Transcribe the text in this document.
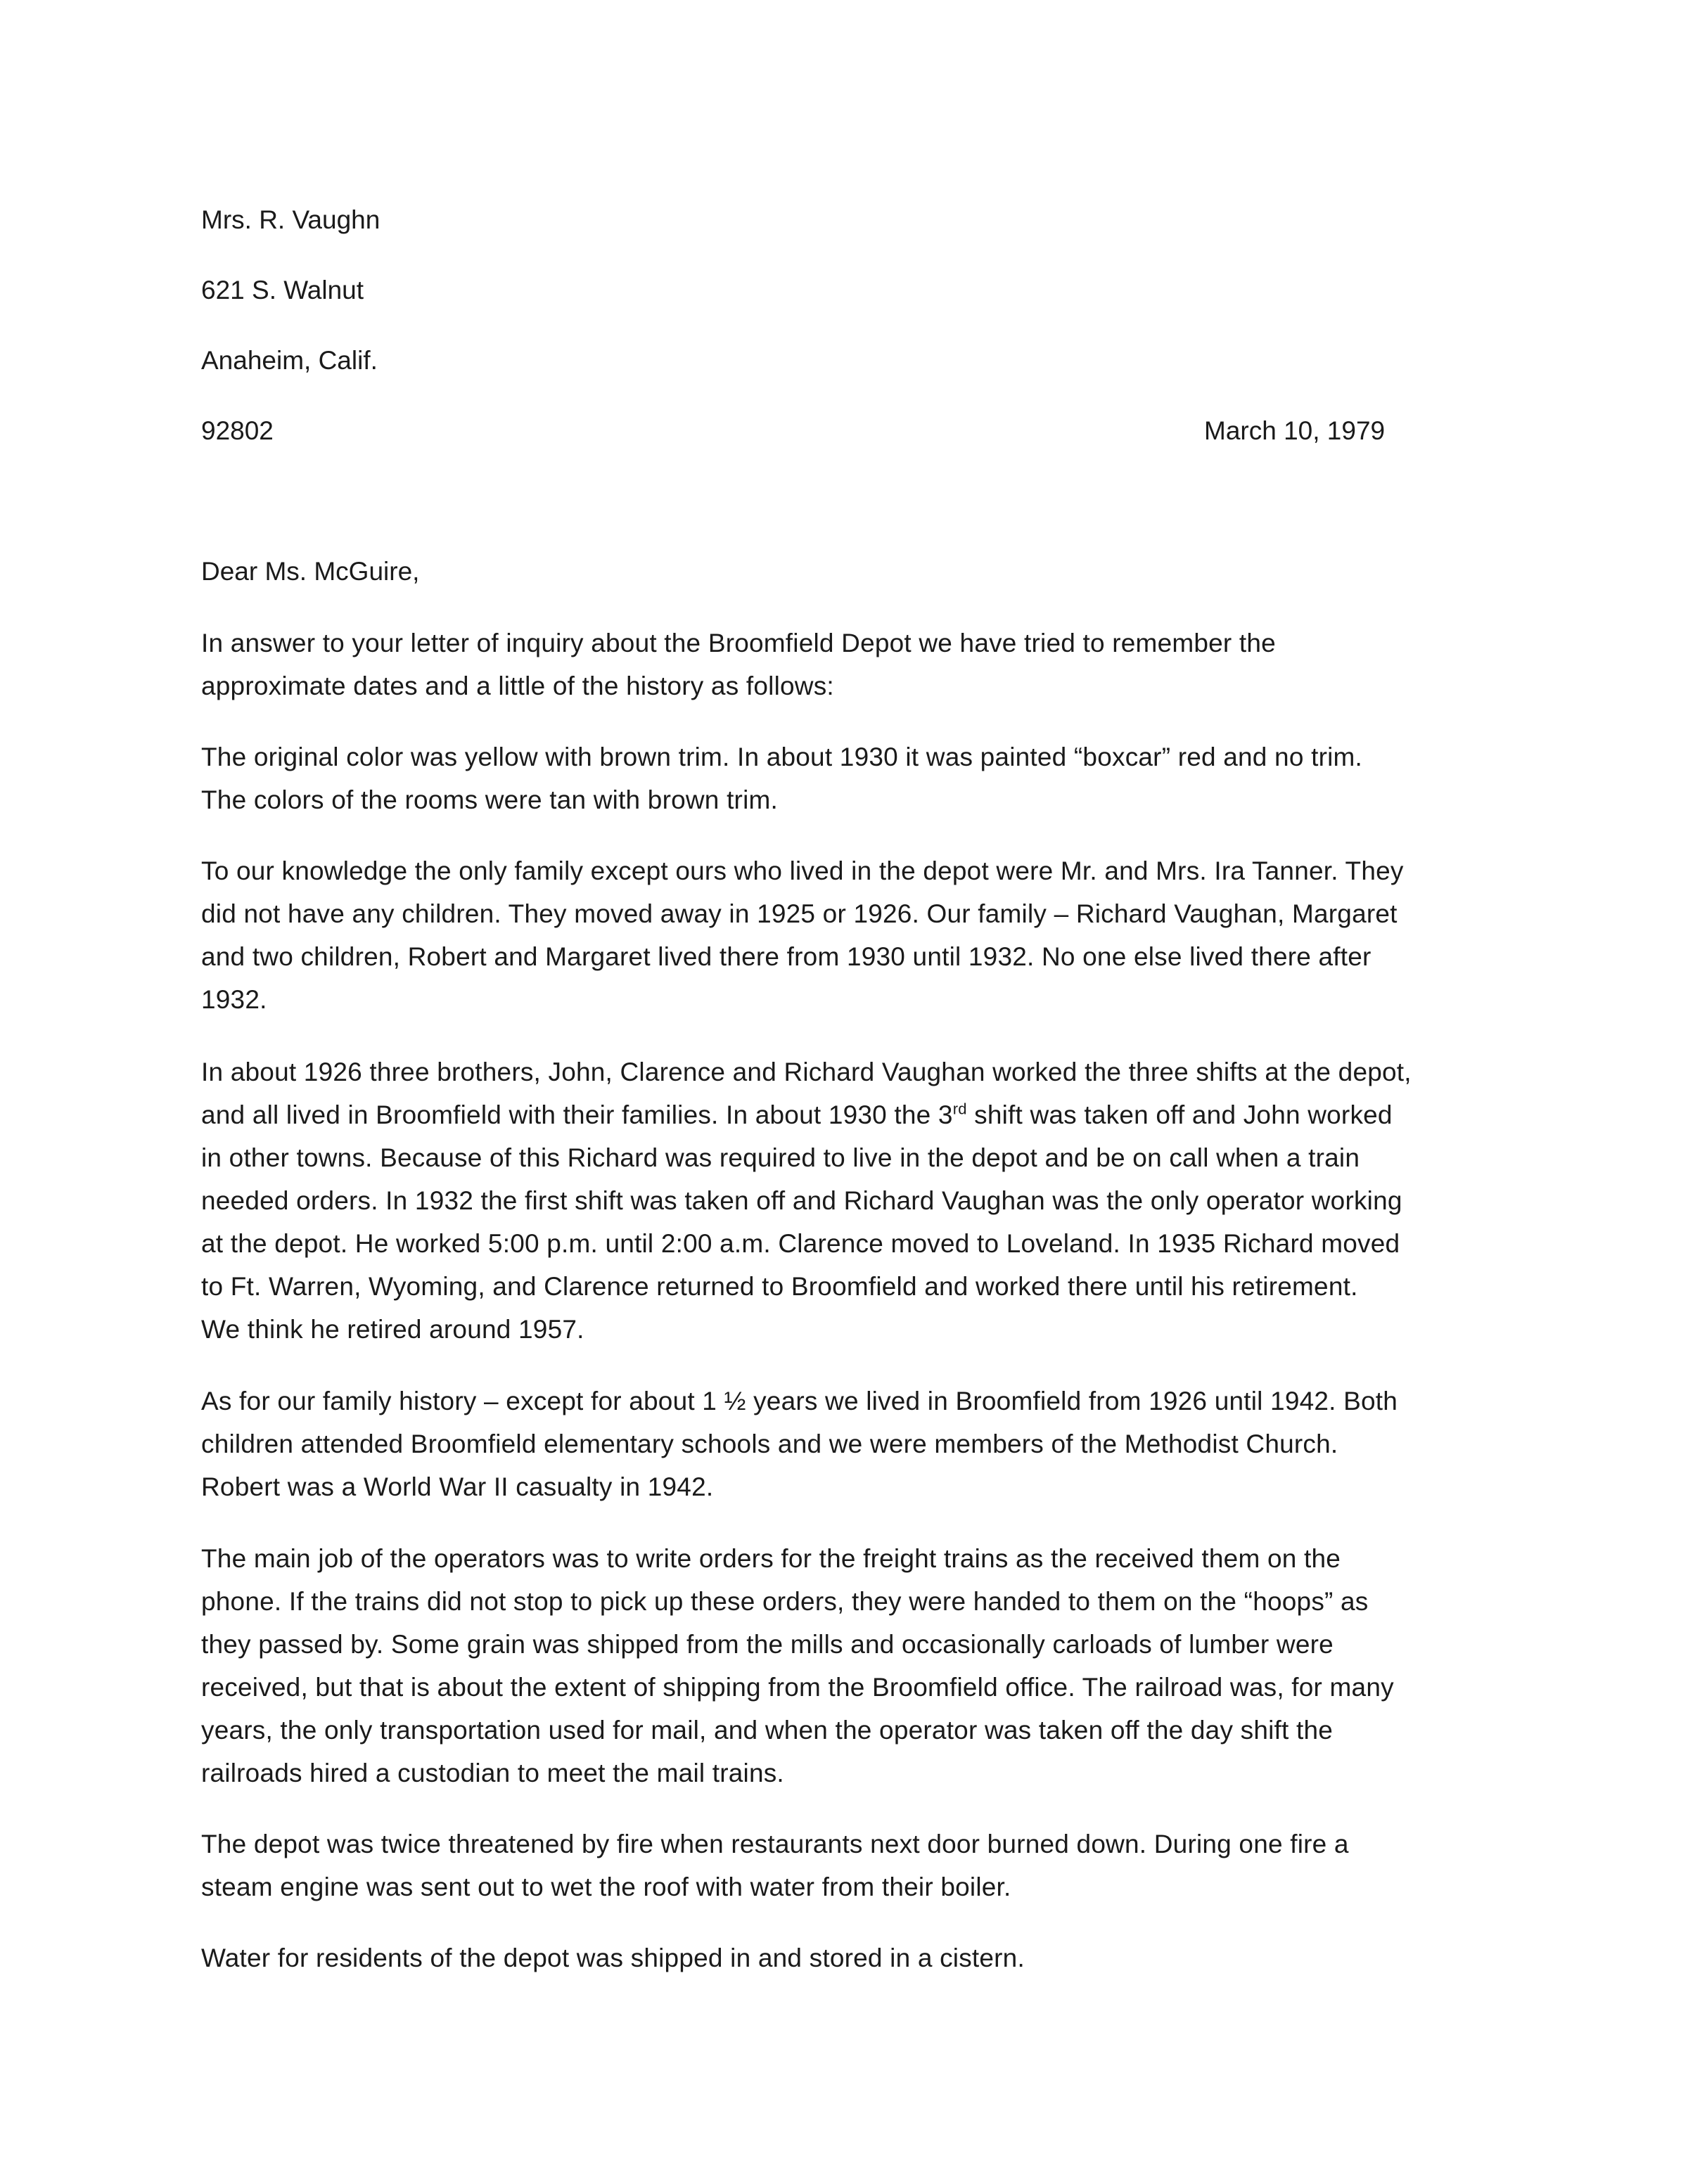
Mrs. R. Vaughn
621 S. Walnut
Anaheim, Calif.
92802	March 10, 1979
Dear Ms. McGuire,
In answer to your letter of inquiry about the Broomfield Depot we have tried to remember the
approximate dates and a little of the history as follows:
The original color was yellow with brown trim. In about 1930 it was painted “boxcar” red and no trim.
The colors of the rooms were tan with brown trim.
To our knowledge the only family except ours who lived in the depot were Mr. and Mrs. Ira Tanner. They
did not have any children. They moved away in 1925 or 1926. Our family – Richard Vaughan, Margaret
and two children, Robert and Margaret lived there from 1930 until 1932. No one else lived there after
1932.
In about 1926 three brothers, John, Clarence and Richard Vaughan worked the three shifts at the depot,
and all lived in Broomfield with their families. In about 1930 the 3rd shift was taken off and John worked
in other towns. Because of this Richard was required to live in the depot and be on call when a train
needed orders. In 1932 the first shift was taken off and Richard Vaughan was the only operator working
at the depot. He worked 5:00 p.m. until 2:00 a.m. Clarence moved to Loveland. In 1935 Richard moved
to Ft. Warren, Wyoming, and Clarence returned to Broomfield and worked there until his retirement.
We think he retired around 1957.
As for our family history – except for about 1 ½ years we lived in Broomfield from 1926 until 1942. Both
children attended Broomfield elementary schools and we were members of the Methodist Church.
Robert was a World War II casualty in 1942.
The main job of the operators was to write orders for the freight trains as the received them on the
phone. If the trains did not stop to pick up these orders, they were handed to them on the “hoops” as
they passed by. Some grain was shipped from the mills and occasionally carloads of lumber were
received, but that is about the extent of shipping from the Broomfield office. The railroad was, for many
years, the only transportation used for mail, and when the operator was taken off the day shift the
railroads hired a custodian to meet the mail trains.
The depot was twice threatened by fire when restaurants next door burned down. During one fire a
steam engine was sent out to wet the roof with water from their boiler.
Water for residents of the depot was shipped in and stored in a cistern.
